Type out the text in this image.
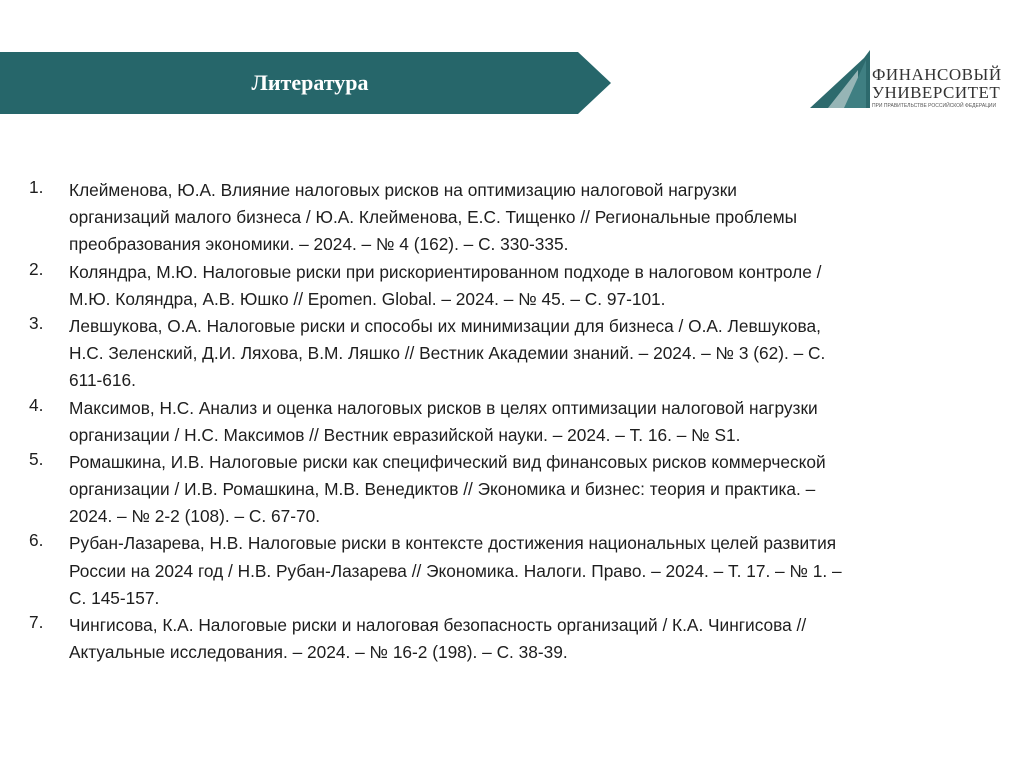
Литература	ФИНАНСОВЫЙ
УНИВЕРСИТЕТ
ПРИ ПРАВИТЕЛЬСТВЕ РОССИЙСКОЙ ФЕДЕРАЦИИ
1.	Клейменова, Ю.А. Влияние налоговых рисков на оптимизацию налоговой нагрузки
организаций малого бизнеса / Ю.А. Клейменова, Е.С. Тищенко // Региональные проблемы
преобразования экономики. – 2024. – № 4 (162). – С. 330-335.
2.	Коляндра, М.Ю. Налоговые риски при рискориентированном подходе в налоговом контроле /
М.Ю. Коляндра, А.В. Юшко // Epomen. Global. – 2024. – № 45. – С. 97-101.
3.	Левшукова, О.А. Налоговые риски и способы их минимизации для бизнеса / О.А. Левшукова,
Н.С. Зеленский, Д.И. Ляхова, В.М. Ляшко // Вестник Академии знаний. – 2024. – № 3 (62). – С.
611-616.
4.	Максимов, Н.С. Анализ и оценка налоговых рисков в целях оптимизации налоговой нагрузки
организации / Н.С. Максимов // Вестник евразийской науки. – 2024. – Т. 16. – № S1.
5.	Ромашкина, И.В. Налоговые риски как специфический вид финансовых рисков коммерческой
организации / И.В. Ромашкина, М.В. Венедиктов // Экономика и бизнес: теория и практика. –
2024. – № 2-2 (108). – С. 67-70.
6.	Рубан-Лазарева, Н.В. Налоговые риски в контексте достижения национальных целей развития
России на 2024 год / Н.В. Рубан-Лазарева // Экономика. Налоги. Право. – 2024. – Т. 17. – № 1. –
С. 145-157.
7.	Чингисова, К.А. Налоговые риски и налоговая безопасность организаций / К.А. Чингисова //
Актуальные исследования. – 2024. – № 16-2 (198). – С. 38-39.
